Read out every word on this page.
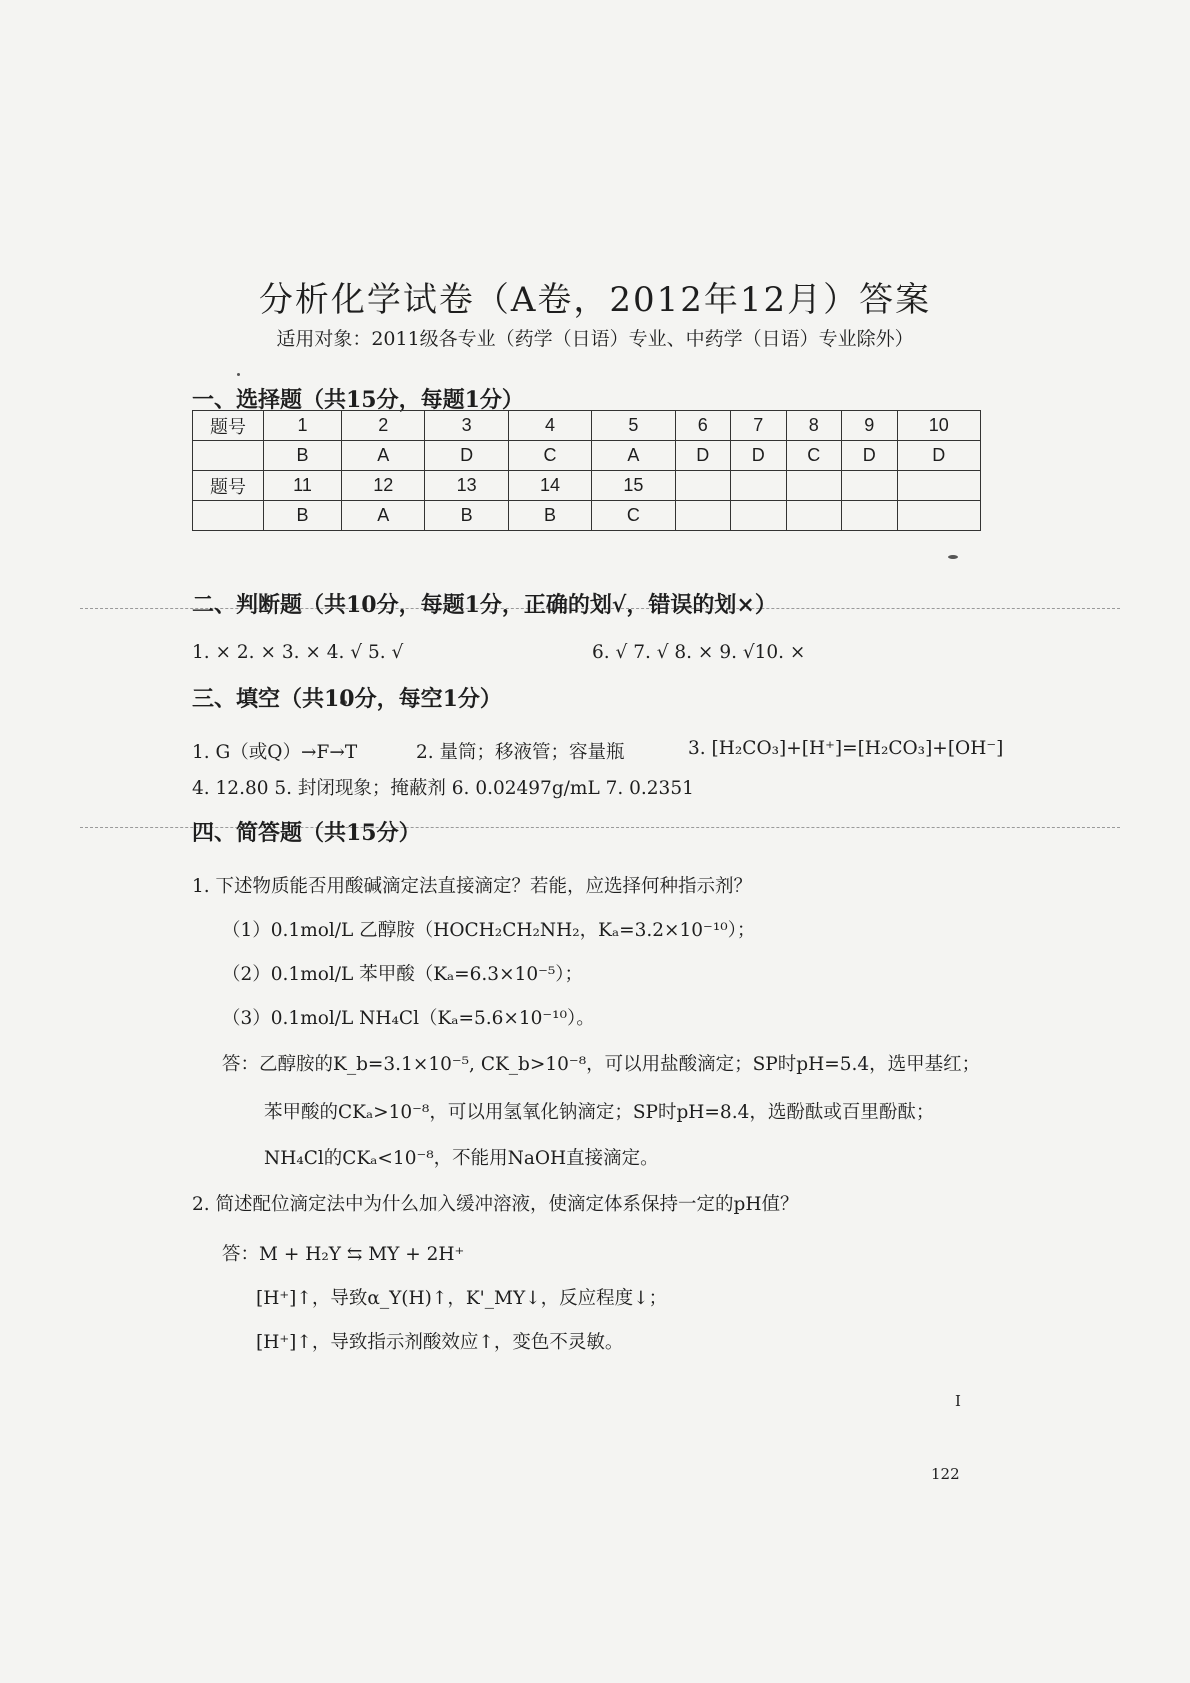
分析化学试卷（A卷，2012年12月）答案
适用对象：2011级各专业（药学（日语）专业、中药学（日语）专业除外）
一、选择题（共15分，每题1分）
题号	1	2	3	4	5	6	7	8	9	10
	B	A	D	C	A	D	D	C	D	D
题号	11	12	13	14	15					
	B	A	B	B	C					
二、判断题（共10分，每题1分，正确的划√，错误的划×）
1. × 2. × 3. × 4. √ 5. √	6. √ 7. √ 8. × 9. √10. ×
三、填空（共10分，每空1分）
1. G（或Q）→F→T	2. 量筒；移液管；容量瓶	3. [H₂CO₃]+[H⁺]=[H₂CO₃]+[OH⁻]
4. 12.80 5. 封闭现象；掩蔽剂 6. 0.02497g/mL 7. 0.2351
四、简答题（共15分）
1. 下述物质能否用酸碱滴定法直接滴定？若能，应选择何种指示剂？
（1）0.1mol/L 乙醇胺（HOCH₂CH₂NH₂，Kₐ=3.2×10⁻¹⁰）；
（2）0.1mol/L 苯甲酸（Kₐ=6.3×10⁻⁵）；
（3）0.1mol/L NH₄Cl（Kₐ=5.6×10⁻¹⁰）。
答：乙醇胺的K_b=3.1×10⁻⁵, CK_b>10⁻⁸，可以用盐酸滴定；SP时pH=5.4，选甲基红；
苯甲酸的CKₐ>10⁻⁸，可以用氢氧化钠滴定；SP时pH=8.4，选酚酞或百里酚酞；
NH₄Cl的CKₐ<10⁻⁸，不能用NaOH直接滴定。
2. 简述配位滴定法中为什么加入缓冲溶液，使滴定体系保持一定的pH值？
答：M + H₂Y ⇆ MY + 2H⁺
[H⁺]↑，导致α_Y(H)↑，K'_MY↓，反应程度↓；
[H⁺]↑，导致指示剂酸效应↑，变色不灵敏。
I
122
